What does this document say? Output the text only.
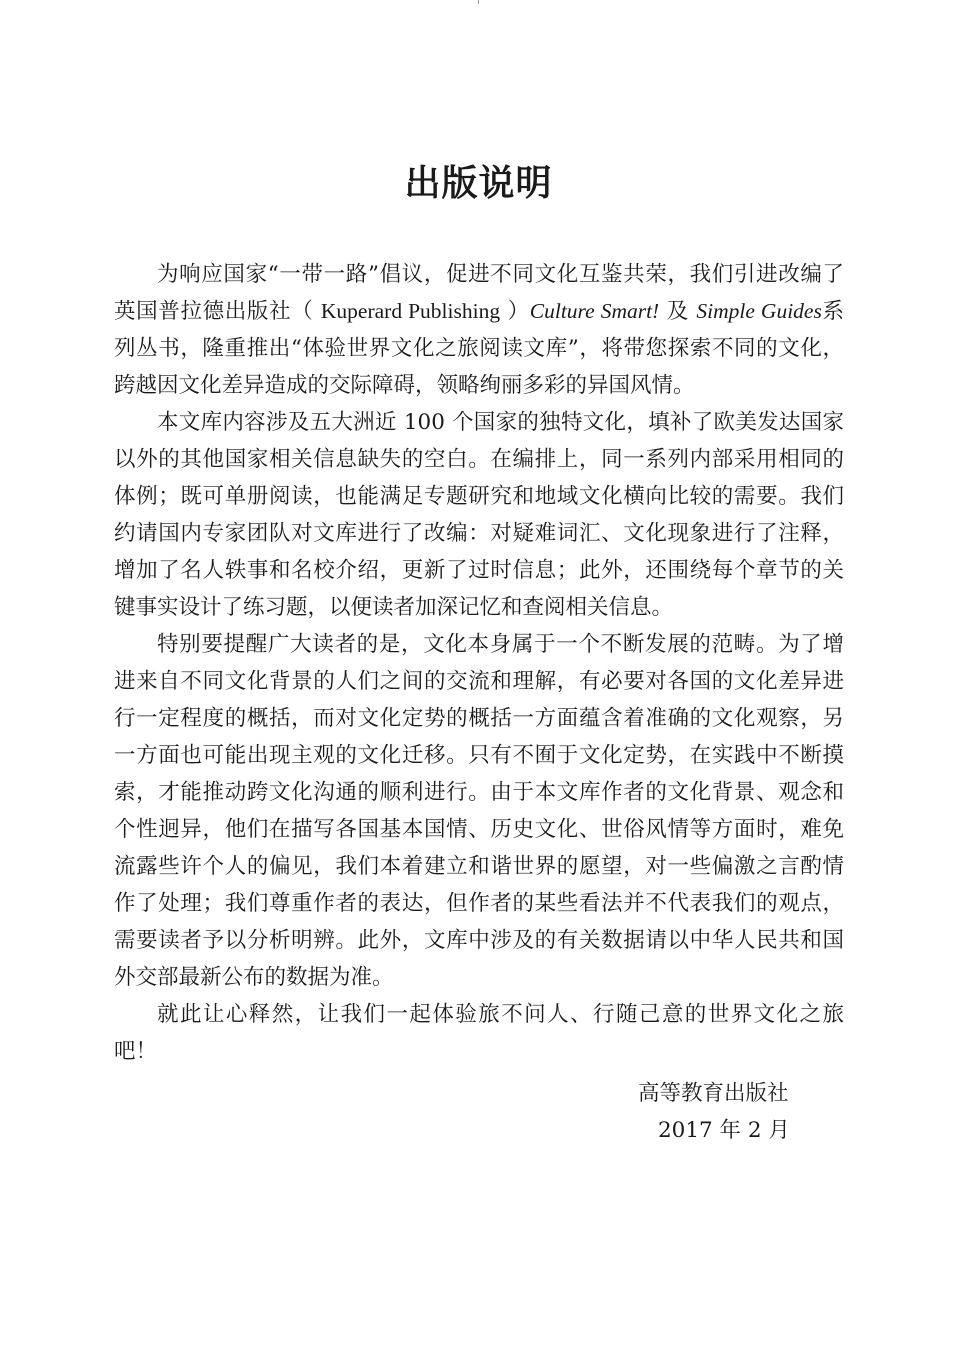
出版说明

为响应国家“一带一路”倡议，促进不同文化互鉴共荣，我们引进改编了英国普拉德出版社（ Kuperard Publishing ）Culture Smart! 及 Simple Guides系列丛书，隆重推出“体验世界文化之旅阅读文库”，将带您探索不同的文化，跨越因文化差异造成的交际障碍，领略绚丽多彩的异国风情。

本文库内容涉及五大洲近 100 个国家的独特文化，填补了欧美发达国家以外的其他国家相关信息缺失的空白。在编排上，同一系列内部采用相同的体例；既可单册阅读，也能满足专题研究和地域文化横向比较的需要。我们约请国内专家团队对文库进行了改编：对疑难词汇、文化现象进行了注释，增加了名人轶事和名校介绍，更新了过时信息；此外，还围绕每个章节的关键事实设计了练习题，以便读者加深记忆和查阅相关信息。

特别要提醒广大读者的是，文化本身属于一个不断发展的范畴。为了增进来自不同文化背景的人们之间的交流和理解，有必要对各国的文化差异进行一定程度的概括，而对文化定势的概括一方面蕴含着准确的文化观察，另一方面也可能出现主观的文化迁移。只有不囿于文化定势，在实践中不断摸索，才能推动跨文化沟通的顺利进行。由于本文库作者的文化背景、观念和个性迥异，他们在描写各国基本国情、历史文化、世俗风情等方面时，难免流露些许个人的偏见，我们本着建立和谐世界的愿望，对一些偏激之言酌情作了处理；我们尊重作者的表达，但作者的某些看法并不代表我们的观点，需要读者予以分析明辨。此外，文库中涉及的有关数据请以中华人民共和国外交部最新公布的数据为准。

就此让心释然，让我们一起体验旅不问人、行随己意的世界文化之旅吧！

高等教育出版社
2017 年 2 月
